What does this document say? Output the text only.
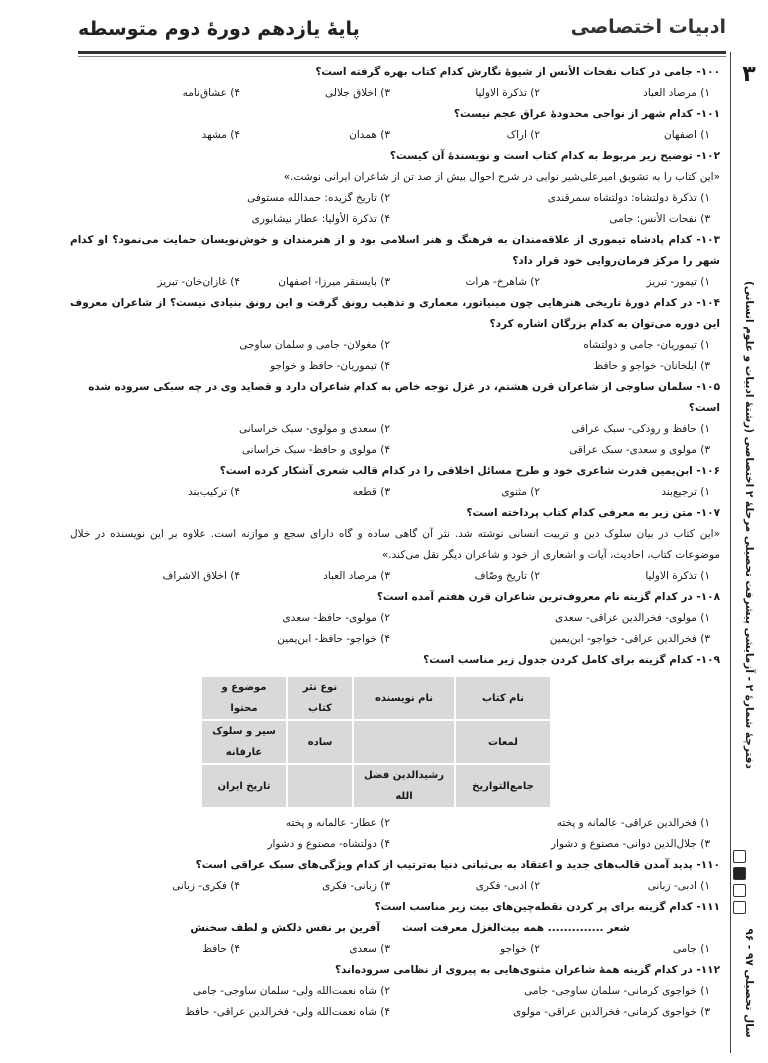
پایهٔ یازدهم دورهٔ دوم متوسطه	ادبیات اختصاصی
۳
دفترچهٔ شمارهٔ ۲ - آزمایشی پیشرفت تحصیلی مرحلهٔ ۲ اختصاصی (رشتهٔ ادبیات و علوم انسانی)
سال تحصیلی ۹۷ - ۹۶
۱۰۰- جامی در کتاب نفحات الأنس از شیوهٔ نگارش کدام کتاب بهره گرفته است؟
۱) مرصاد العباد
۲) تذکرة الاولیا
۳) اخلاق جلالی
۴) عشاق‌نامه
۱۰۱- کدام شهر از نواحی محدودهٔ عراق عجم نیست؟
۱) اصفهان
۲) اراک
۳) همدان
۴) مشهد
۱۰۲- توضیح زیر مربوط به کدام کتاب است و نویسندهٔ آن کیست؟
«این کتاب را به تشویق امیرعلی‌شیر نوایی در شرح احوال بیش از صد تن از شاعران ایرانی نوشت.»
۱) تذکرهٔ دولتشاه: دولتشاه سمرقندی
۲) تاریخ گزیده: حمدالله مستوفی
۳) نفحات الأنس: جامی
۴) تذکرة الأولیا: عطار نیشابوری
۱۰۳- کدام پادشاه تیموری از علاقه‌مندان به فرهنگ و هنر اسلامی بود و از هنرمندان و خوش‌نویسان حمایت می‌نمود؟ او کدام شهر را مرکز فرمان‌روایی خود قرار داد؟
۱) تیمور- تبریز
۲) شاهرخ- هرات
۳) بایسنقر میرزا- اصفهان
۴) غازان‌خان- تبریز
۱۰۴- در کدام دورهٔ تاریخی هنرهایی چون مینیاتور، معماری و تذهیب رونق گرفت و این رونق بنیادی نیست؟ از شاعران معروف این دوره می‌توان به کدام بزرگان اشاره کرد؟
۱) تیموریان- جامی و دولتشاه
۲) مغولان- جامی و سلمان ساوجی
۳) ایلخانان- خواجو و حافظ
۴) تیموریان- حافظ و خواجو
۱۰۵- سلمان ساوجی از شاعران قرن هشتم، در غزل توجه خاص به کدام شاعران دارد و قصاید وی در چه سبکی سروده شده است؟
۱) حافظ و رودکی- سبک عراقی
۲) سعدی و مولوی- سبک خراسانی
۳) مولوی و سعدی- سبک عراقی
۴) مولوی و حافظ- سبک خراسانی
۱۰۶- ابن‌یمین قدرت شاعری خود و طرح مسائل اخلاقی را در کدام قالب شعری آشکار کرده است؟
۱) ترجیع‌بند
۲) مثنوی
۳) قطعه
۴) ترکیب‌بند
۱۰۷- متن زیر به معرفی کدام کتاب پرداخته است؟
«این کتاب در بیان سلوک دین و تربیت انسانی نوشته شد. نثر آن گاهی ساده و گاه دارای سجع و موازنه است. علاوه بر این نویسنده در خلال موضوعات کتاب، احادیث، آیات و اشعاری از خود و شاعران دیگر نقل می‌کند.»
۱) تذکرة الاولیا
۲) تاریخ وصّاف
۳) مرصاد العباد
۴) اخلاق الاشراف
۱۰۸- در کدام گزینه نام معروف‌ترین شاعران قرن هفتم آمده است؟
۱) مولوی- فخرالدین عراقی- سعدی
۲) مولوی- حافظ- سعدی
۳) فخرالدین عراقی- خواجو- ابن‌یمین
۴) خواجو- حافظ- ابن‌یمین
۱۰۹- کدام گزینه برای کامل کردن جدول زیر مناسب است؟
نام کتاب	نام نویسنده	نوع نثر کتاب	موضوع و محتوا
لمعات		ساده	سیر و سلوک عارفانه
جامع‌التواریخ	رشیدالدین فضل الله		تاریخ ایران
۱) فخرالدین عراقی- عالمانه و پخته
۲) عطار- عالمانه و پخته
۳) جلال‌الدین دوانی- مصنوع و دشوار
۴) دولتشاه- مصنوع و دشوار
۱۱۰- پدید آمدن قالب‌های جدید و اعتقاد به بی‌ثباتی دنیا به‌ترتیب از کدام ویژگی‌های سبک عراقی است؟
۱) ادبی- زبانی
۲) ادبی- فکری
۳) زبانی- فکری
۴) فکری- زبانی
۱۱۱- کدام گزینه برای پر کردن نقطه‌چین‌های بیت زیر مناسب است؟
شعر .............. همه بیت‌الغزل معرفت است
آفرین بر نفس دلکش و لطف سخنش
۱) جامی
۲) خواجو
۳) سعدی
۴) حافظ
۱۱۲- در کدام گزینه همهٔ شاعران مثنوی‌هایی به پیروی از نظامی سروده‌اند؟
۱) خواجوی کرمانی- سلمان ساوجی- جامی
۲) شاه نعمت‌الله ولی- سلمان ساوجی- جامی
۳) خواجوی کرمانی- فخرالدین عراقی- مولوی
۴) شاه نعمت‌الله ولی- فخرالدین عراقی- حافظ
